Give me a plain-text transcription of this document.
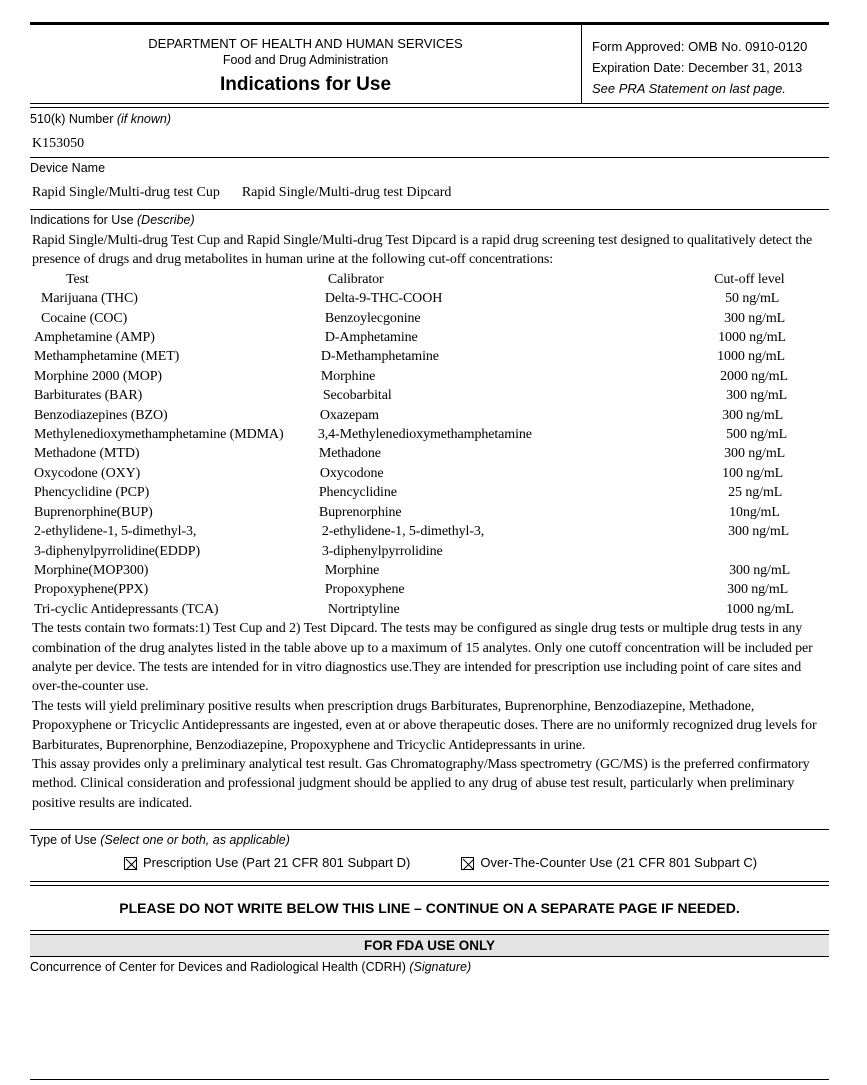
DEPARTMENT OF HEALTH AND HUMAN SERVICES
Food and Drug Administration
Indications for Use
Form Approved: OMB No. 0910-0120
Expiration Date: December 31, 2013
See PRA Statement on last page.
510(k) Number (if known)
K153050
Device Name
Rapid Single/Multi-drug test Cup Rapid Single/Multi-drug test Dipcard
Indications for Use (Describe)
Rapid Single/Multi-drug Test Cup and Rapid Single/Multi-drug Test Dipcard is a rapid drug screening test designed to qualitatively detect the presence of drugs and drug metabolites in human urine at the following cut-off concentrations:
Test	Calibrator	Cut-off level
Marijuana (THC)	Delta-9-THC-COOH	50 ng/mL
Cocaine (COC)	Benzoylecgonine	300 ng/mL
Amphetamine (AMP)	D-Amphetamine	1000 ng/mL
Methamphetamine (MET)	D-Methamphetamine	1000 ng/mL
Morphine 2000 (MOP)	Morphine	2000 ng/mL
Barbiturates (BAR)	Secobarbital	300 ng/mL
Benzodiazepines (BZO)	Oxazepam	300 ng/mL
Methylenedioxymethamphetamine (MDMA)	3,4-Methylenedioxymethamphetamine	500 ng/mL
Methadone (MTD)	Methadone	300 ng/mL
Oxycodone (OXY)	Oxycodone	100 ng/mL
Phencyclidine (PCP)	Phencyclidine	25 ng/mL
Buprenorphine(BUP)	Buprenorphine	10ng/mL
2-ethylidene-1, 5-dimethyl-3,	2-ethylidene-1, 5-dimethyl-3,	300 ng/mL
3-diphenylpyrrolidine(EDDP)	3-diphenylpyrrolidine	
Morphine(MOP300)	Morphine	300 ng/mL
Propoxyphene(PPX)	Propoxyphene	300 ng/mL
Tri-cyclic Antidepressants (TCA)	Nortriptyline	1000 ng/mL
The tests contain two formats:1) Test Cup and 2) Test Dipcard. The tests may be configured as single drug tests or multiple drug tests in any combination of the drug analytes listed in the table above up to a maximum of 15 analytes. Only one cutoff concentration will be included per analyte per device. The tests are intended for in vitro diagnostics use.They are intended for prescription use including point of care sites and over-the-counter use.
The tests will yield preliminary positive results when prescription drugs Barbiturates, Buprenorphine, Benzodiazepine, Methadone, Propoxyphene or Tricyclic Antidepressants are ingested, even at or above therapeutic doses. There are no uniformly recognized drug levels for Barbiturates, Buprenorphine, Benzodiazepine, Propoxyphene and Tricyclic Antidepressants in urine.
This assay provides only a preliminary analytical test result. Gas Chromatography/Mass spectrometry (GC/MS) is the preferred confirmatory method. Clinical consideration and professional judgment should be applied to any drug of abuse test result, particularly when preliminary positive results are indicated.
Type of Use (Select one or both, as applicable)
Prescription Use (Part 21 CFR 801 Subpart D)	Over-The-Counter Use (21 CFR 801 Subpart C)
PLEASE DO NOT WRITE BELOW THIS LINE – CONTINUE ON A SEPARATE PAGE IF NEEDED.
FOR FDA USE ONLY
Concurrence of Center for Devices and Radiological Health (CDRH) (Signature)
